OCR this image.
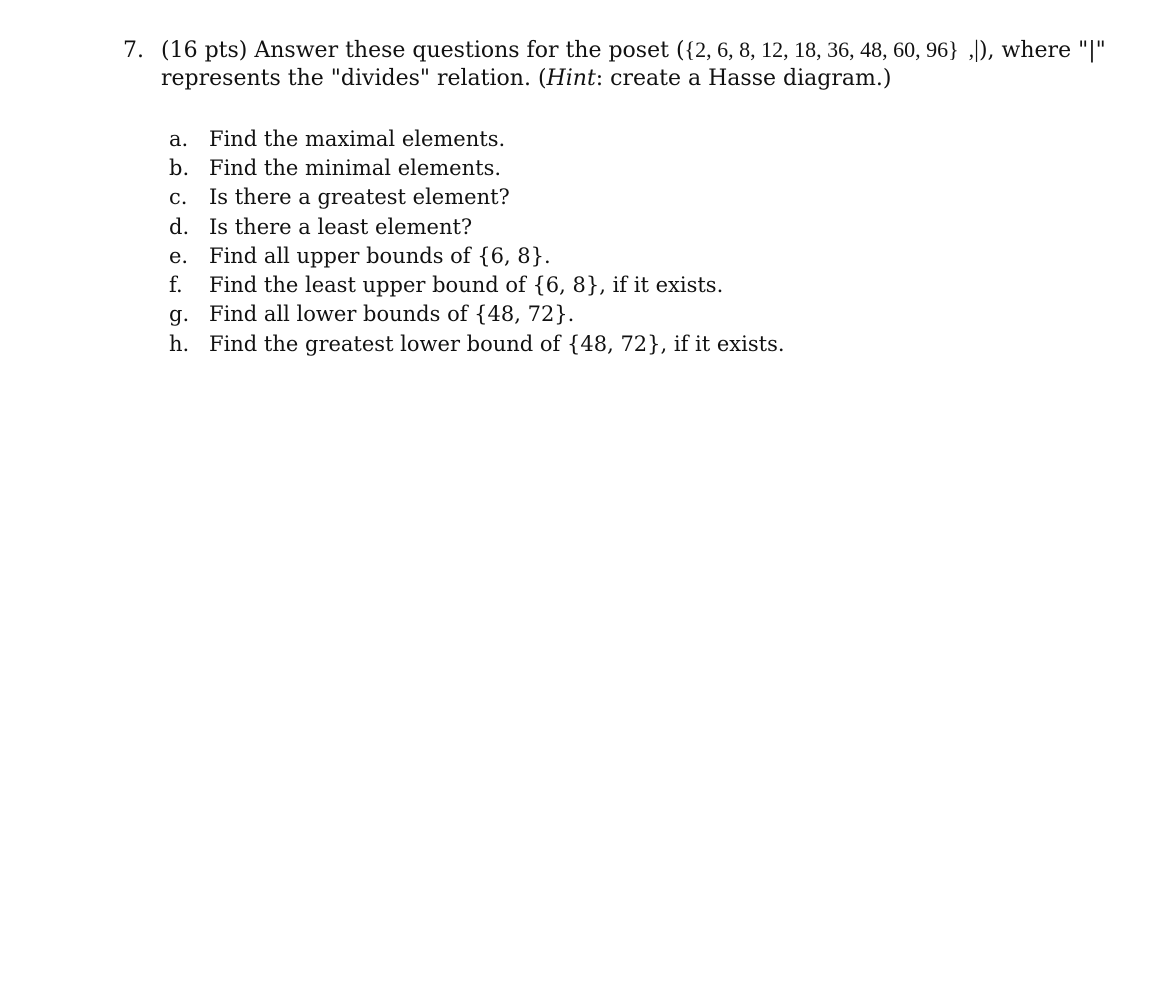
7. (16 pts) Answer these questions for the poset ({2, 6, 8, 12, 18, 36, 48, 60, 96} ,|), where "|"
represents the "divides" relation. (Hint: create a Hasse diagram.)
a. Find the maximal elements.
b. Find the minimal elements.
c.	Is there a greatest element?
d. Is there a least element?
e. Find all upper bounds of {6, 8}.
f.	Find the least upper bound of {6, 8}, if it exists.
g. Find all lower bounds of {48, 72}.
h. Find the greatest lower bound of {48, 72}, if it exists.
